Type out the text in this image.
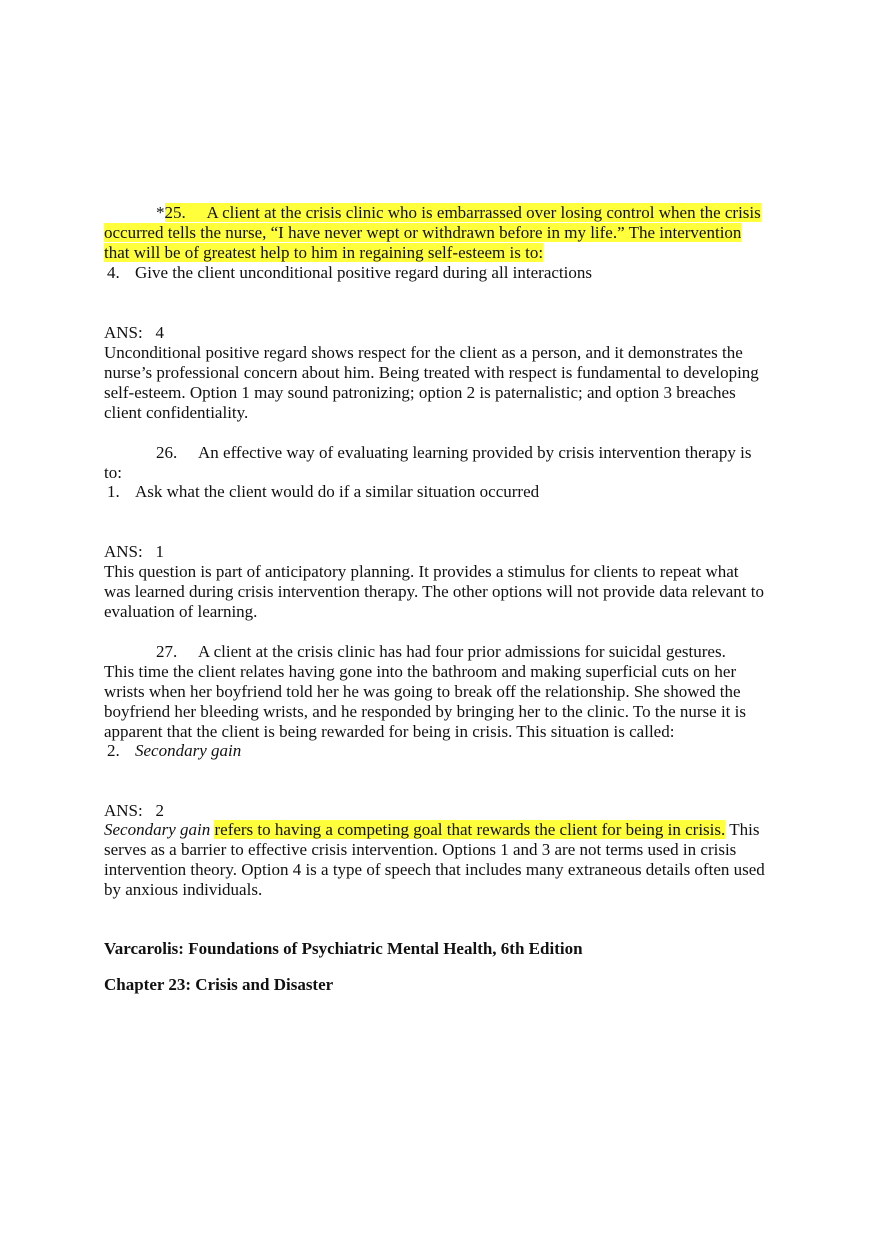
*25. A client at the crisis clinic who is embarrassed over losing control when the crisis
occurred tells the nurse, “I have never wept or withdrawn before in my life.” The intervention
that will be of greatest help to him in regaining self-esteem is to:
4. Give the client unconditional positive regard during all interactions
ANS: 4
Unconditional positive regard shows respect for the client as a person, and it demonstrates the
nurse’s professional concern about him. Being treated with respect is fundamental to developing
self-esteem. Option 1 may sound patronizing; option 2 is paternalistic; and option 3 breaches
client confidentiality.
26. An effective way of evaluating learning provided by crisis intervention therapy is
to:
1. Ask what the client would do if a similar situation occurred
ANS: 1
This question is part of anticipatory planning. It provides a stimulus for clients to repeat what
was learned during crisis intervention therapy. The other options will not provide data relevant to
evaluation of learning.
27. A client at the crisis clinic has had four prior admissions for suicidal gestures.
This time the client relates having gone into the bathroom and making superficial cuts on her
wrists when her boyfriend told her he was going to break off the relationship. She showed the
boyfriend her bleeding wrists, and he responded by bringing her to the clinic. To the nurse it is
apparent that the client is being rewarded for being in crisis. This situation is called:
2. Secondary gain
ANS: 2
Secondary gain refers to having a competing goal that rewards the client for being in crisis. This
serves as a barrier to effective crisis intervention. Options 1 and 3 are not terms used in crisis
intervention theory. Option 4 is a type of speech that includes many extraneous details often used
by anxious individuals.
Varcarolis: Foundations of Psychiatric Mental Health, 6th Edition
Chapter 23: Crisis and Disaster
